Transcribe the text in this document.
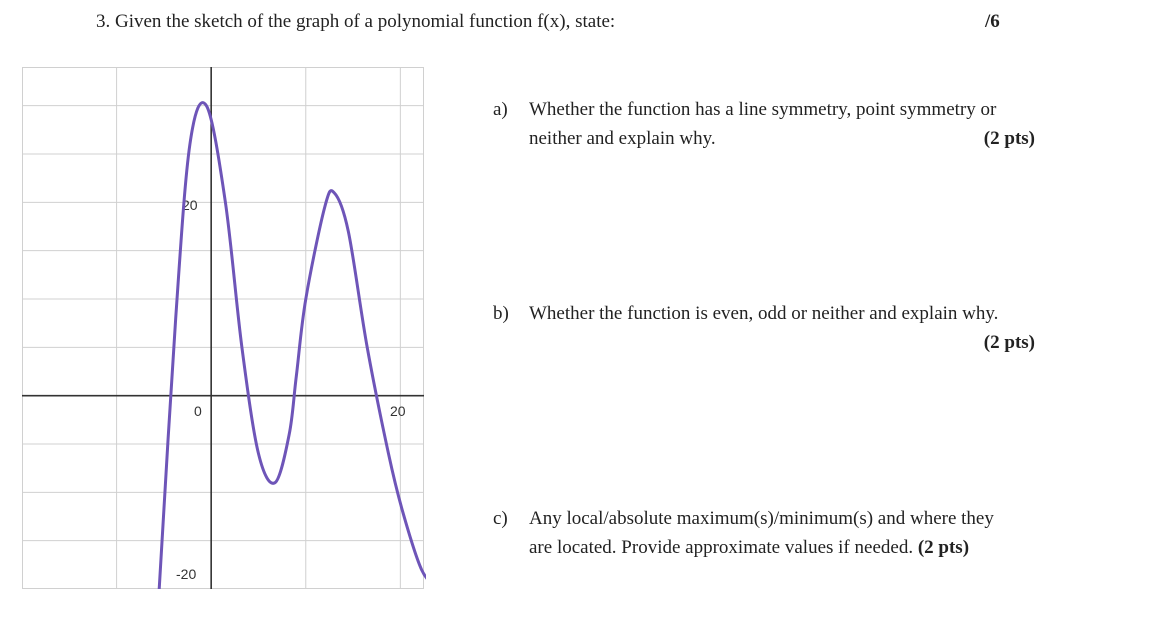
3. Given the sketch of the graph of a polynomial function f(x), state:	/6
20
-20
20
0
a) Whether the function has a line symmetry, point symmetry or
neither and explain why.	(2 pts)
b) Whether the function is even, odd or neither and explain why.
(2 pts)
c) Any local/absolute maximum(s)/minimum(s) and where they
are located. Provide approximate values if needed. (2 pts)
